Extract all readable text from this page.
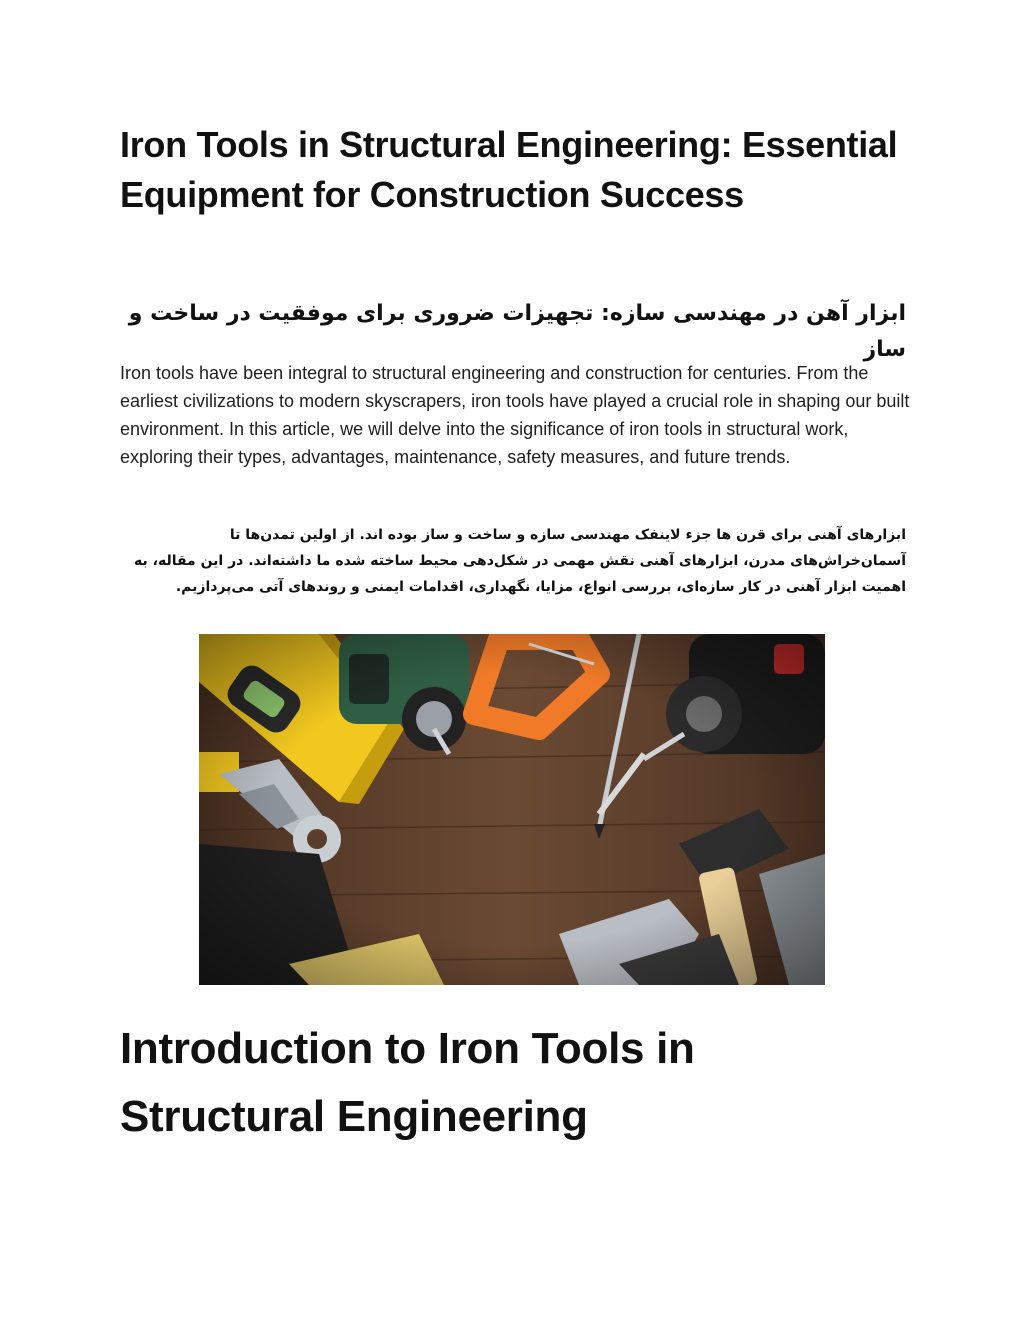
Iron Tools in Structural Engineering: Essential Equipment for Construction Success
ابزار آهن در مهندسی سازه: تجهیزات ضروری برای موفقیت در ساخت و ساز

Iron tools have been integral to structural engineering and construction for centuries. From the earliest civilizations to modern skyscrapers, iron tools have played a crucial role in shaping our built environment. In this article, we will delve into the significance of iron tools in structural work, exploring their types, advantages, maintenance, safety measures, and future trends.

ابزارهای آهنی برای قرن ها جزء لاینفک مهندسی سازه و ساخت و ساز بوده اند. از اولین تمدن‌ها تا آسمان‌خراش‌های مدرن، ابزارهای آهنی نقش مهمی در شکل‌دهی محیط ساخته شده ما داشته‌اند. در این مقاله، به اهمیت ابزار آهنی در کار سازه‌ای، بررسی انواع، مزایا، نگهداری، اقدامات ایمنی و روندهای آتی می‌پردازیم.

Introduction to Iron Tools in Structural Engineering
